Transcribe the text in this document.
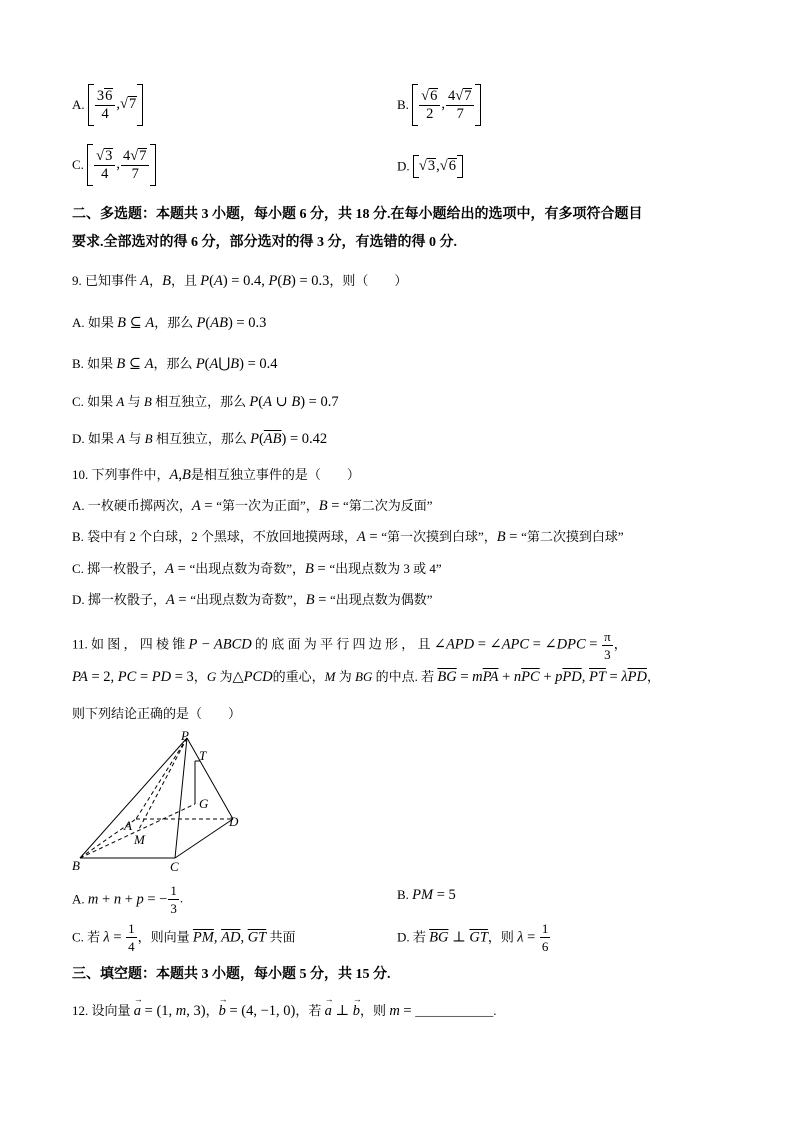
A. $\frac{36}{4} ,√7$	B. $\frac{√6}{2}$ , $\frac{4√7}{7}$
C. $\frac{√3}{4}$ , $\frac{4√7}{7}$	D. √3,√6
二、多选题：本题共 3 小题，每小题 6 分，共 18 分.在每小题给出的选项中，有多项符合题目
要求.全部选对的得 6 分，部分选对的得 3 分，有选错的得 0 分.
9. 已知事件 A，B，且 P(A) = 0.4, P(B) = 0.3，则（　　）
A. 如果 B ⊆ A，那么 P(AB) = 0.3
B. 如果 B ⊆ A，那么 P(A⋃B) = 0.4
C. 如果 A 与 B 相互独立，那么 P(A ∪ B) = 0.7
D. 如果 A 与 B 相互独立，那么 $P(\overline{A}\overline{B}) = 0.42$
10. 下列事件中，A,B是相互独立事件的是（　　）
A. 一枚硬币掷两次，A = “第一次为正面”，B = “第二次为反面”
B. 袋中有 2 个白球，2 个黑球，不放回地摸两球，A = “第一次摸到白球”，B = “第二次摸到白球”
C. 掷一枚骰子，A = “出现点数为奇数”，B = “出现点数为 3 或 4”
D. 掷一枚骰子，A = “出现点数为奇数”，B = “出现点数为偶数”
11. 如 图 ， 四 棱 锥 P − ABCD 的 底 面 为 平 行 四 边 形 ， 且 ∠APD = ∠APC = ∠DPC = $\frac{\pi}{3}$ ，
PA = 2, PC = PD = 3，G 为△PCD的重心，M 为 BG 的中点. 若 $\overline{BG} = m\overline{PA} + n\overline{PC} + p\overline{PD}$, $\overline{PT} = \lambda\overline{PD}$，
则下列结论正确的是（　　）
P
T
G
A
M
D
B	C
A. m + n + p = − $\frac{1}{3}$ .	B. PM = 5
C. 若 $\lambda = \frac{1}{4}$ ，则向量 $\overline{PM}$, $\overline{AD}$, $\overline{GT}$ 共面	D. 若 $\overline{BG}$ ⊥ $\overline{GT}$，则 $\lambda = \frac{1}{6}$
三、填空题：本题共 3 小题，每小题 5 分，共 15 分.
12. 设向量 a → = (1, m, 3)，b → = (4, −1, 0)，若 a → ⊥ b →，则 m = ____________.
